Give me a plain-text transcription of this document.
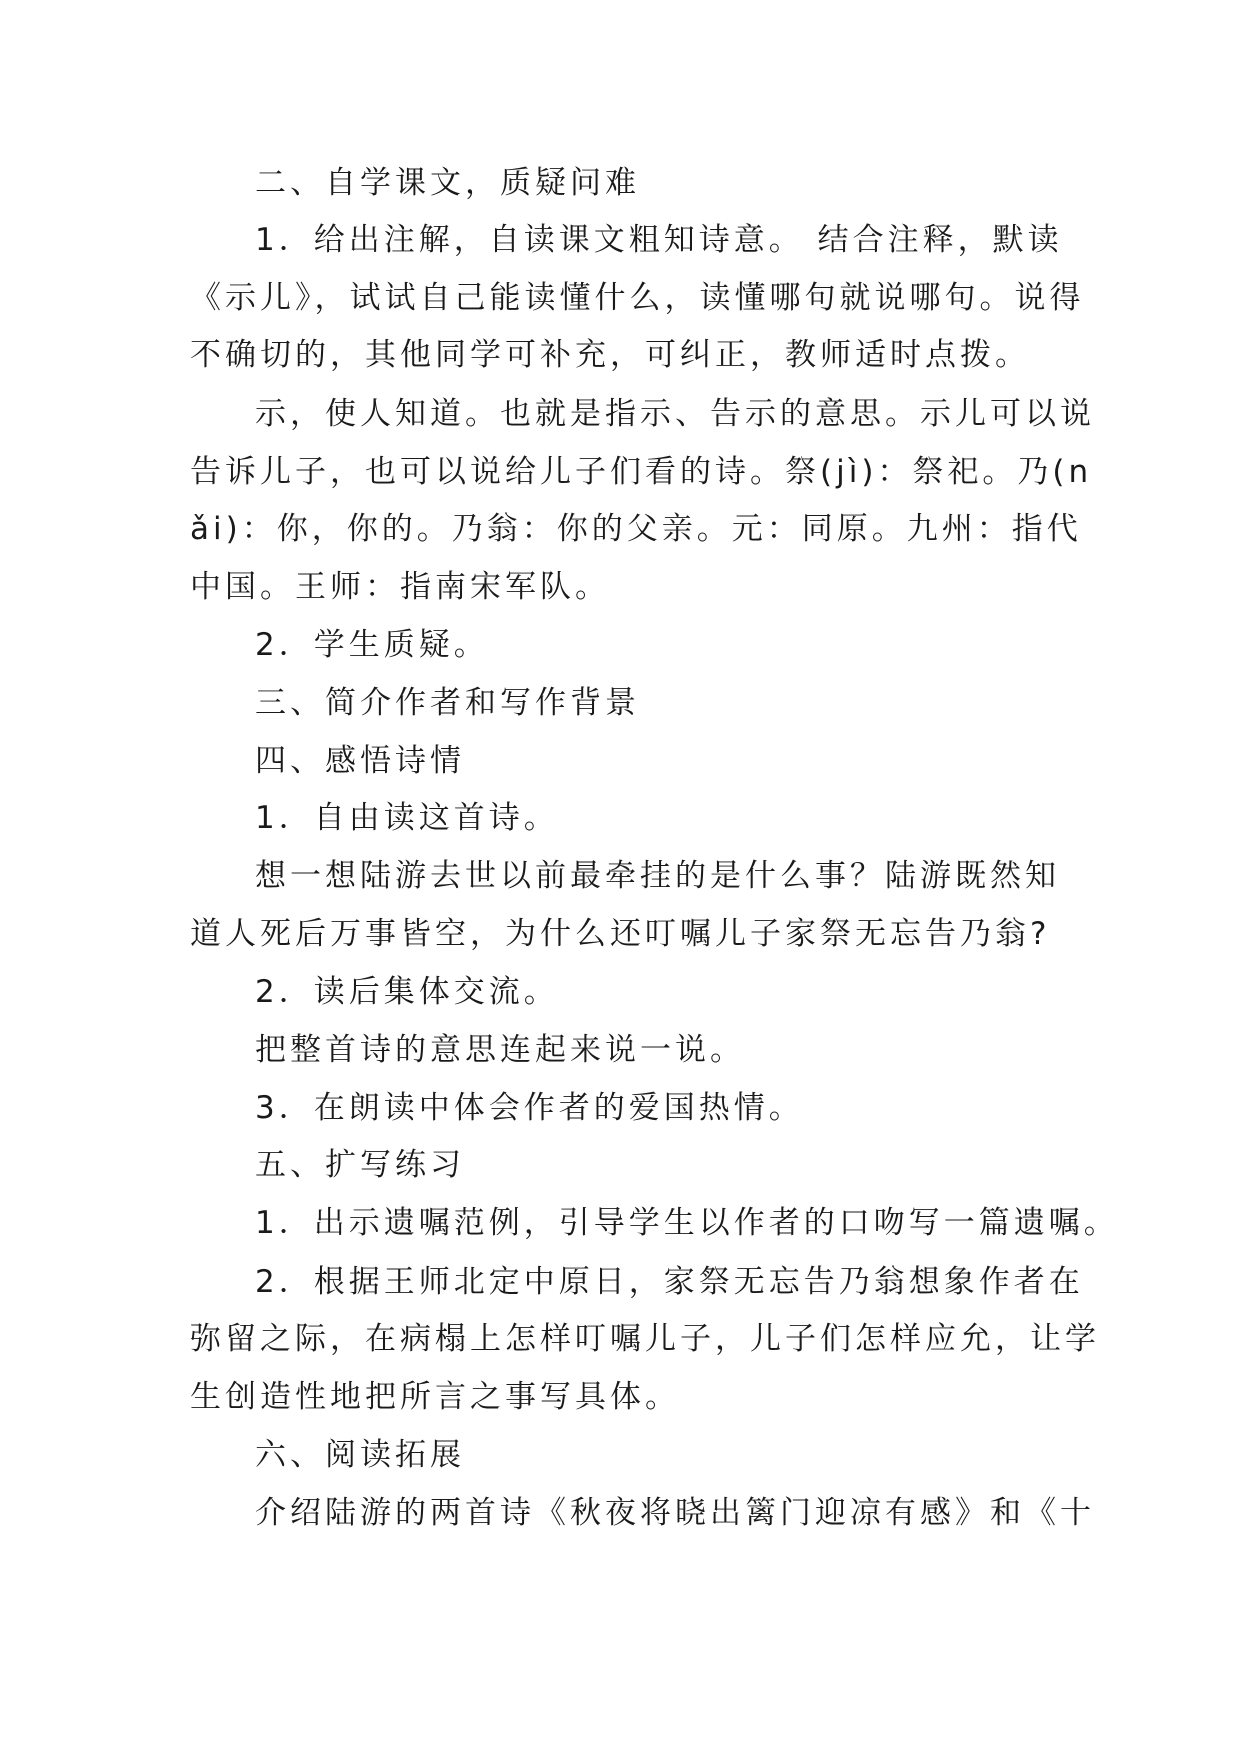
二、自学课文，质疑问难
1．给出注解，自读课文粗知诗意。 结合注释，默读
《示儿》，试试自己能读懂什么，读懂哪句就说哪句。说得
不确切的，其他同学可补充，可纠正，教师适时点拨。
示，使人知道。也就是指示、告示的意思。示儿可以说
告诉儿子，也可以说给儿子们看的诗。祭(jì)：祭祀。乃(n
ǎi)：你，你的。乃翁：你的父亲。元：同原。九州：指代
中国。王师：指南宋军队。
2．学生质疑。
三、简介作者和写作背景
四、感悟诗情
1．自由读这首诗。
想一想陆游去世以前最牵挂的是什么事？陆游既然知
道人死后万事皆空，为什么还叮嘱儿子家祭无忘告乃翁?
2．读后集体交流。
把整首诗的意思连起来说一说。
3．在朗读中体会作者的爱国热情。
五、扩写练习
1．出示遗嘱范例，引导学生以作者的口吻写一篇遗嘱。
2．根据王师北定中原日，家祭无忘告乃翁想象作者在
弥留之际，在病榻上怎样叮嘱儿子，儿子们怎样应允，让学
生创造性地把所言之事写具体。
六、阅读拓展
介绍陆游的两首诗《秋夜将晓出篱门迎凉有感》和《十
